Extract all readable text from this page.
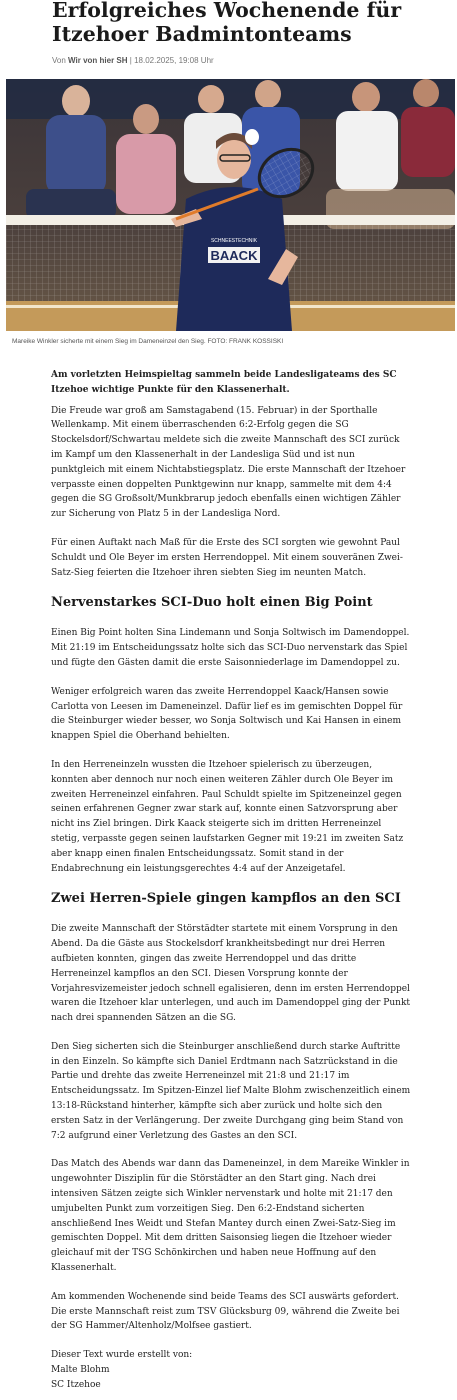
Erfolgreiches Wochenende für Itzehoer Badmintonteams
Von Wir von hier SH | 18.02.2025, 19:08 Uhr
BAACK
SCHNEESTECHNIK
Mareike Winkler sicherte mit einem Sieg im Dameneinzel den Sieg. FOTO: FRANK KOSSISKI

Am vorletzten Heimspieltag sammeln beide Landesligateams des SC Itzehoe wichtige Punkte für den Klassenerhalt.

Die Freude war groß am Samstagabend (15. Februar) in der Sporthalle Wellenkamp. Mit einem überraschenden 6:2-Erfolg gegen die SG Stockelsdorf/Schwartau meldete sich die zweite Mannschaft des SCI zurück im Kampf um den Klassenerhalt in der Landesliga Süd und ist nun punktgleich mit einem Nichtabstiegsplatz. Die erste Mannschaft der Itzehoer verpasste einen doppelten Punktgewinn nur knapp, sammelte mit dem 4:4 gegen die SG Großsolt/Munkbrarup jedoch ebenfalls einen wichtigen Zähler zur Sicherung von Platz 5 in der Landesliga Nord.

Für einen Auftakt nach Maß für die Erste des SCI sorgten wie gewohnt Paul Schuldt und Ole Beyer im ersten Herrendoppel. Mit einem souveränen Zwei-Satz-Sieg feierten die Itzehoer ihren siebten Sieg im neunten Match.

Nervenstarkes SCI-Duo holt einen Big Point

Einen Big Point holten Sina Lindemann und Sonja Soltwisch im Damendoppel. Mit 21:19 im Entscheidungssatz holte sich das SCI-Duo nervenstark das Spiel und fügte den Gästen damit die erste Saisonniederlage im Damendoppel zu.

Weniger erfolgreich waren das zweite Herrendoppel Kaack/Hansen sowie Carlotta von Leesen im Dameneinzel. Dafür lief es im gemischten Doppel für die Steinburger wieder besser, wo Sonja Soltwisch und Kai Hansen in einem knappen Spiel die Oberhand behielten.

In den Herreneinzeln wussten die Itzehoer spielerisch zu überzeugen, konnten aber dennoch nur noch einen weiteren Zähler durch Ole Beyer im zweiten Herreneinzel einfahren. Paul Schuldt spielte im Spitzeneinzel gegen seinen erfahrenen Gegner zwar stark auf, konnte einen Satzvorsprung aber nicht ins Ziel bringen. Dirk Kaack steigerte sich im dritten Herreneinzel stetig, verpasste gegen seinen laufstarken Gegner mit 19:21 im zweiten Satz aber knapp einen finalen Entscheidungssatz. Somit stand in der Endabrechnung ein leistungsgerechtes 4:4 auf der Anzeigetafel.

Zwei Herren-Spiele gingen kampflos an den SCI

Die zweite Mannschaft der Störstädter startete mit einem Vorsprung in den Abend. Da die Gäste aus Stockelsdorf krankheitsbedingt nur drei Herren aufbieten konnten, gingen das zweite Herrendoppel und das dritte Herreneinzel kampflos an den SCI. Diesen Vorsprung konnte der Vorjahresvizemeister jedoch schnell egalisieren, denn im ersten Herrendoppel waren die Itzehoer klar unterlegen, und auch im Damendoppel ging der Punkt nach drei spannenden Sätzen an die SG.

Den Sieg sicherten sich die Steinburger anschließend durch starke Auftritte in den Einzeln. So kämpfte sich Daniel Erdtmann nach Satzrückstand in die Partie und drehte das zweite Herreneinzel mit 21:8 und 21:17 im Entscheidungssatz. Im Spitzen-Einzel lief Malte Blohm zwischenzeitlich einem 13:18-Rückstand hinterher, kämpfte sich aber zurück und holte sich den ersten Satz in der Verlängerung. Der zweite Durchgang ging beim Stand von 7:2 aufgrund einer Verletzung des Gastes an den SCI.

Das Match des Abends war dann das Dameneinzel, in dem Mareike Winkler in ungewohnter Disziplin für die Störstädter an den Start ging. Nach drei intensiven Sätzen zeigte sich Winkler nervenstark und holte mit 21:17 den umjubelten Punkt zum vorzeitigen Sieg. Den 6:2-Endstand sicherten anschließend Ines Weidt und Stefan Mantey durch einen Zwei-Satz-Sieg im gemischten Doppel. Mit dem dritten Saisonsieg liegen die Itzehoer wieder gleichauf mit der TSG Schönkirchen und haben neue Hoffnung auf den Klassenerhalt.

Am kommenden Wochenende sind beide Teams des SCI auswärts gefordert. Die erste Mannschaft reist zum TSV Glücksburg 09, während die Zweite bei der SG Hammer/Altenholz/Molfsee gastiert.

Dieser Text wurde erstellt von:

Malte Blohm

SC Itzehoe
